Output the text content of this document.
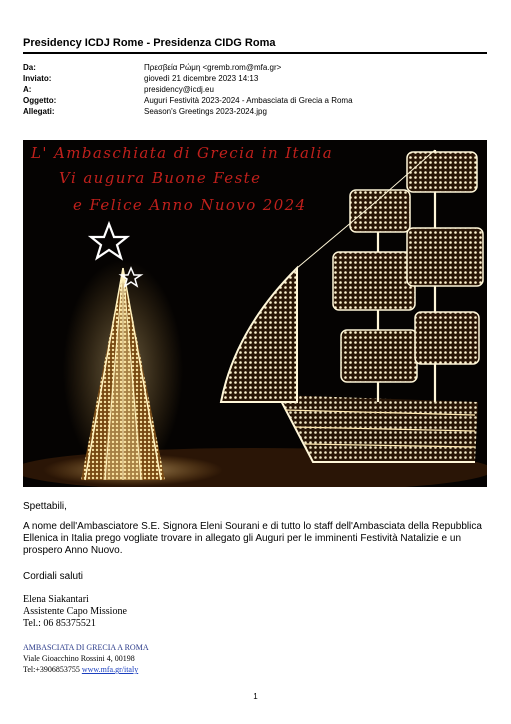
Presidency ICDJ Rome - Presidenza CIDG Roma
Da:	Πρεσβεία Ρώμη <gremb.rom@mfa.gr>
Inviato:	giovedì 21 dicembre 2023 14:13
A:	presidency@icdj.eu
Oggetto:	Auguri Festività 2023-2024 - Ambasciata di Grecia a Roma
Allegati:	Season's Greetings 2023-2024.jpg
L' Ambaschiata di Grecia in Italia
Vi augura Buone Feste
e Felice Anno Nuovo 2024
Spettabili,
A nome dell'Ambasciatore S.E. Signora Eleni Sourani e di tutto lo staff dell'Ambasciata della Repubblica Ellenica in Italia prego vogliate trovare in allegato gli Auguri per le imminenti Festività Natalizie e un prospero Anno Nuovo.
Cordiali saluti
Elena Siakantari
Assistente Capo Missione
Tel.: 06 85375521
AMBASCIATA DI GRECIA A ROMA
Viale Gioacchino Rossini 4, 00198
Tel:+3906853755 www.mfa.gr/italy
1
